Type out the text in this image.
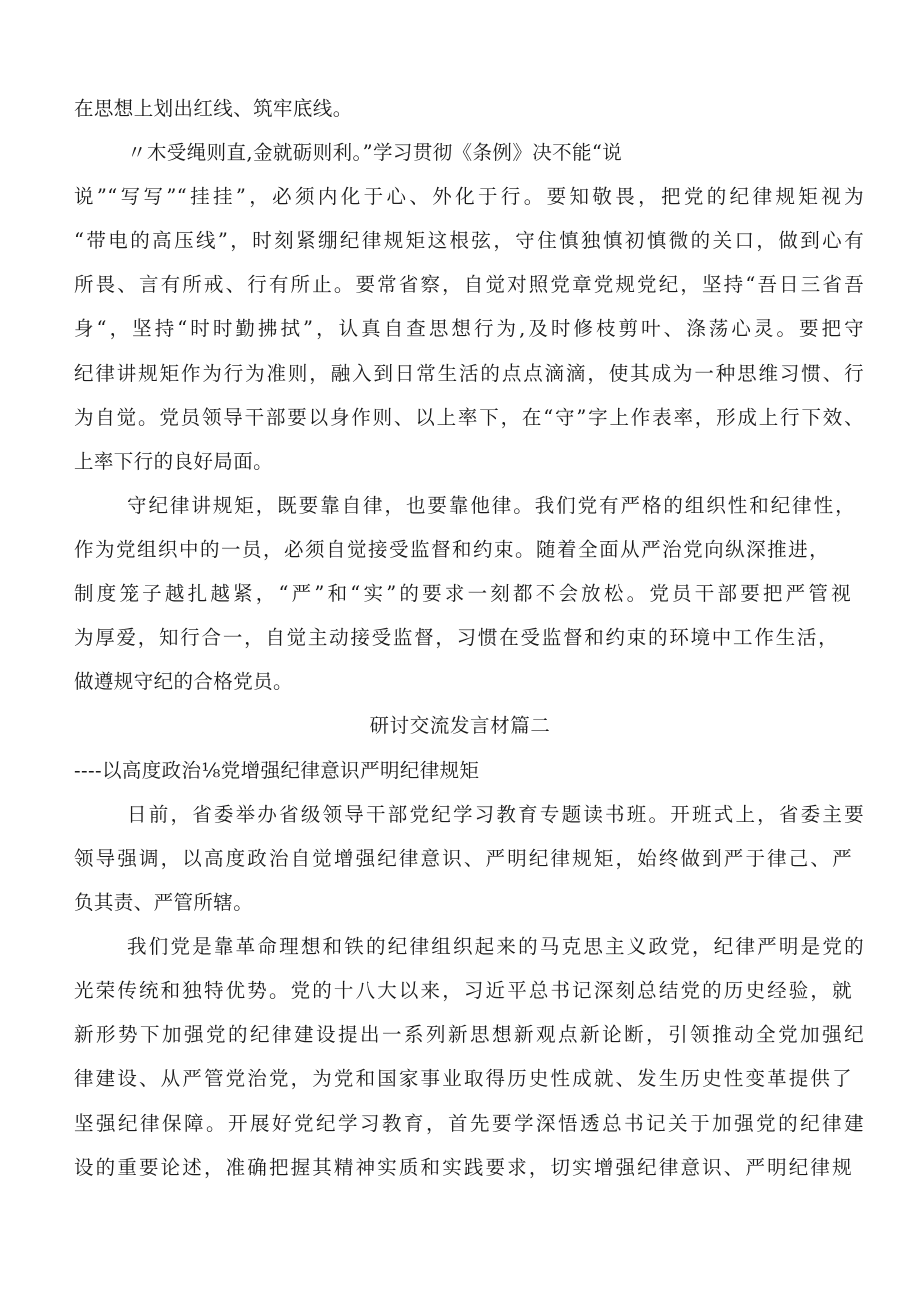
在思想上划出红线、筑牢底线。
〃木受绳则直,金就砺则利。”学习贯彻《条例》决不能“说
说”“写写”“挂挂”，必须内化于心、外化于行。要知敬畏，把党的纪律规矩视为
“带电的高压线”，时刻紧绷纪律规矩这根弦，守住慎独慎初慎微的关口，做到心有
所畏、言有所戒、行有所止。要常省察，自觉对照党章党规党纪，坚持“吾日三省吾
身“，坚持“时时勤拂拭”，认真自查思想行为,及时修枝剪叶、涤荡心灵。要把守
纪律讲规矩作为行为准则，融入到日常生活的点点滴滴，使其成为一种思维习惯、行
为自觉。党员领导干部要以身作则、以上率下，在“守”字上作表率，形成上行下效、
上率下行的良好局面。
守纪律讲规矩，既要靠自律，也要靠他律。我们党有严格的组织性和纪律性，
作为党组织中的一员，必须自觉接受监督和约束。随着全面从严治党向纵深推进，
制度笼子越扎越紧，“严”和“实”的要求一刻都不会放松。党员干部要把严管视
为厚爱，知行合一，自觉主动接受监督，习惯在受监督和约束的环境中工作生活，
做遵规守纪的合格党员。
研讨交流发言材篇二
----以高度政治⅛党增强纪律意识严明纪律规矩
日前，省委举办省级领导干部党纪学习教育专题读书班。开班式上，省委主要
领导强调，以高度政治自觉增强纪律意识、严明纪律规矩，始终做到严于律己、严
负其责、严管所辖。
我们党是靠革命理想和铁的纪律组织起来的马克思主义政党，纪律严明是党的
光荣传统和独特优势。党的十八大以来，习近平总书记深刻总结党的历史经验，就
新形势下加强党的纪律建设提出一系列新思想新观点新论断，引领推动全党加强纪
律建设、从严管党治党，为党和国家事业取得历史性成就、发生历史性变革提供了
坚强纪律保障。开展好党纪学习教育，首先要学深悟透总书记关于加强党的纪律建
设的重要论述，准确把握其精神实质和实践要求，切实增强纪律意识、严明纪律规
